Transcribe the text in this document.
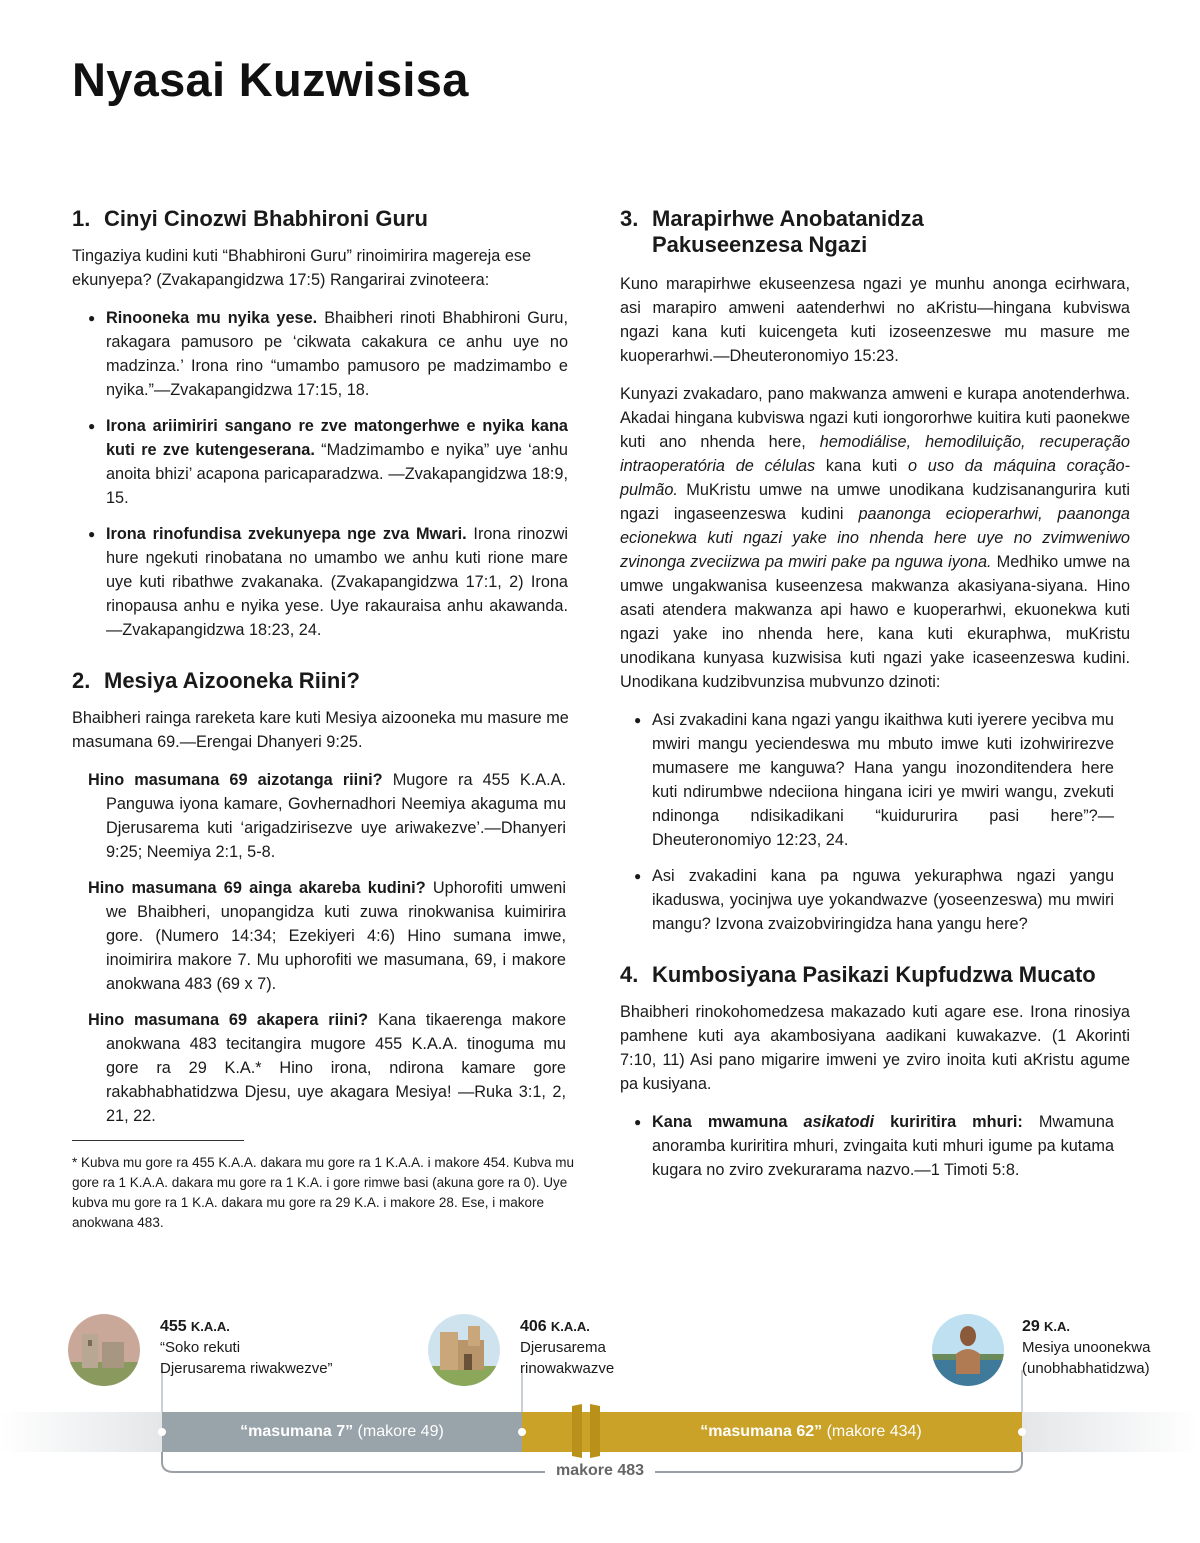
Nyasai Kuzwisisa
1. Cinyi Cinozwi Bhabhironi Guru

Tingaziya kudini kuti “Bhabhironi Guru” rinoimirira magereja ese ekunyepa? (Zvakapangidzwa 17:5) Rangarirai zvinoteera:

● Rinooneka mu nyika yese. Bhaibheri rinoti Bhabhironi Guru, rakagara pamusoro pe ‘cikwata cakakura ce anhu uye no madzinza.’ Irona rino “umambo pamusoro pe madzimambo e nyika.”—Zvakapangidzwa 17:15, 18.
● Irona ariimiriri sangano re zve matongerhwe e nyika kana kuti re zve kutengeserana. “Madzimambo e nyika” uye ‘anhu anoita bhizi’ acapona paricaparadzwa. —Zvakapangidzwa 18:9, 15.
● Irona rinofundisa zvekunyepa nge zva Mwari. Irona rinozwi hure ngekuti rinobatana no umambo we anhu kuti rione mare uye kuti ribathwe zvakanaka. (Zvakapangidzwa 17:1, 2) Irona rinopausa anhu e nyika yese. Uye rakauraisa anhu akawanda.—Zvakapangidzwa 18:23, 24.
2. Mesiya Aizooneka Riini?

Bhaibheri rainga rareketa kare kuti Mesiya aizooneka mu masure me masumana 69.—Erengai Dhanyeri 9:25.

Hino masumana 69 aizotanga riini? Mugore ra 455 K.A.A. Panguwa iyona kamare, Govhernadhori Neemiya akaguma mu Djerusarema kuti ‘arigadzirisezve uye ariwakezve’.—Dhanyeri 9:25; Neemiya 2:1, 5-8.
Hino masumana 69 ainga akareba kudini? Uphorofiti umweni we Bhaibheri, unopangidza kuti zuwa rinokwanisa kuimirira gore. (Numero 14:34; Ezekiyeri 4:6) Hino sumana imwe, inoimirira makore 7. Mu uphorofiti we masumana, 69, i makore anokwana 483 (69 x 7).
Hino masumana 69 akapera riini? Kana tikaerenga makore anokwana 483 tecitangira mugore 455 K.A.A. tinoguma mu gore ra 29 K.A.* Hino irona, ndirona kamare gore rakabhabhatidzwa Djesu, uye akagara Mesiya! —Ruka 3:1, 2, 21, 22.

* Kubva mu gore ra 455 K.A.A. dakara mu gore ra 1 K.A.A. i makore 454. Kubva mu gore ra 1 K.A.A. dakara mu gore ra 1 K.A. i gore rimwe basi (akuna gore ra 0). Uye kubva mu gore ra 1 K.A. dakara mu gore ra 29 K.A. i makore 28. Ese, i makore anokwana 483.

3. Marapirhwe Anobatanidza
Pakuseenzesa Ngazi

Kuno marapirhwe ekuseenzesa ngazi ye munhu anonga ecirhwara, asi marapiro amweni aatenderhwi no aKristu—hingana kubviswa ngazi kana kuti kuicengeta kuti izoseenzeswe mu masure me kuoperarhwi.—Dheuteronomiyo 15:23.

Kunyazi zvakadaro, pano makwanza amweni e kurapa anotenderhwa. Akadai hingana kubviswa ngazi kuti iongororhwe kuitira kuti paonekwe kuti ano nhenda here, hemodiálise, hemodiluição, recuperação intraoperatória de células kana kuti o uso da máquina coração-pulmão. MuKristu umwe na umwe unodikana kudzisanangurira kuti ngazi ingaseenzeswa kudini paanonga ecioperarhwi, paanonga ecionekwa kuti ngazi yake ino nhenda here uye no zvimweniwo zvinonga zveciizwa pa mwiri pake pa nguwa iyona. Medhiko umwe na umwe ungakwanisa kuseenzesa makwanza akasiyana-siyana. Hino asati atendera makwanza api hawo e kuoperarhwi, ekuonekwa kuti ngazi yake ino nhenda here, kana kuti ekuraphwa, muKristu unodikana kunyasa kuzwisisa kuti ngazi yake icaseenzeswa kudini. Unodikana kudzibvunzisa mubvunzo dzinoti:

● Asi zvakadini kana ngazi yangu ikaithwa kuti iyerere yecibva mu mwiri mangu yeciendeswa mu mbuto imwe kuti izohwirirezve mumasere me kanguwa? Hana yangu inozonditendera here kuti ndirumbwe ndeciiona hingana iciri ye mwiri wangu, zvekuti ndinonga ndisikadikani “kuidururira pasi here”?—Dheuteronomiyo 12:23, 24.
● Asi zvakadini kana pa nguwa yekuraphwa ngazi yangu ikaduswa, yocinjwa uye yokandwazve (yoseenzeswa) mu mwiri mangu? Izvona zvaizobviringidza hana yangu here?
4. Kumbosiyana Pasikazi Kupfudzwa Mucato

Bhaibheri rinokohomedzesa makazado kuti agare ese. Irona rinosiya pamhene kuti aya akambosiyana aadikani kuwakazve. (1 Akorinti 7:10, 11) Asi pano migarire imweni ye zviro inoita kuti aKristu agume pa kusiyana.

● Kana mwamuna asikatodi kuriritira mhuri: Mwamuna anoramba kuriritira mhuri, zvingaita kuti mhuri igume pa kutama kugara no zviro zvekurarama nazvo.—1 Timoti 5:8.
455 K.A.A.
“Soko rekuti
Djerusarema riwakwezve”
406 K.A.A.
Djerusarema
rinowakwazve
29 K.A.
Mesiya unoonekwa
(unobhabhatidzwa)
“masumana 7” (makore 49)	“masumana 62” (makore 434)
makore 483
